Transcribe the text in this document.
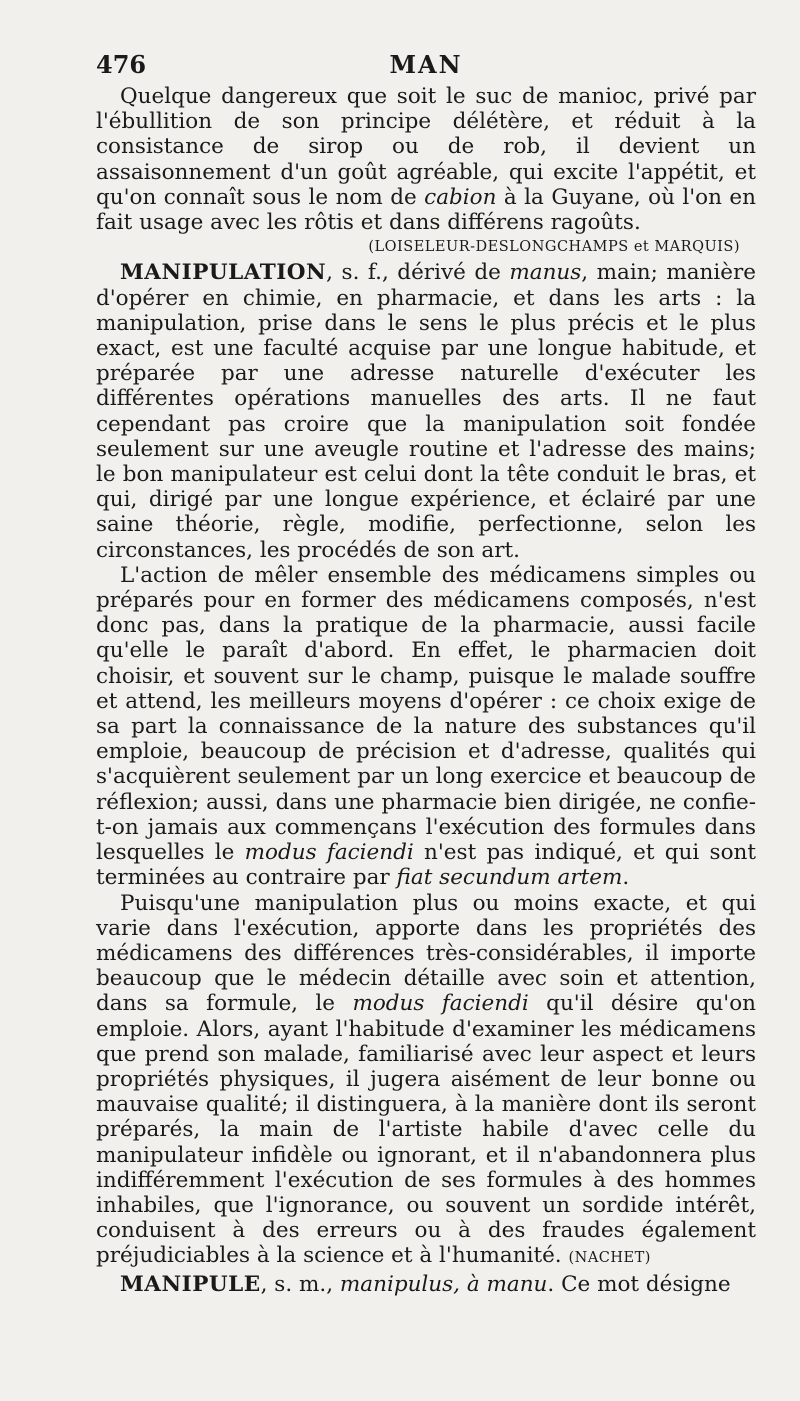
476	MAN

Quelque dangereux que soit le suc de manioc, privé par l'ébullition de son principe délétère, et réduit à la consistance de sirop ou de rob, il devient un assaisonnement d'un goût agréable, qui excite l'appétit, et qu'on connaît sous le nom de cabion à la Guyane, où l'on en fait usage avec les rôtis et dans différens ragoûts.

(LOISELEUR-DESLONGCHAMPS et MARQUIS)

MANIPULATION, s. f., dérivé de manus, main; manière d'opérer en chimie, en pharmacie, et dans les arts : la manipulation, prise dans le sens le plus précis et le plus exact, est une faculté acquise par une longue habitude, et préparée par une adresse naturelle d'exécuter les différentes opérations manuelles des arts. Il ne faut cependant pas croire que la manipulation soit fondée seulement sur une aveugle routine et l'adresse des mains; le bon manipulateur est celui dont la tête conduit le bras, et qui, dirigé par une longue expérience, et éclairé par une saine théorie, règle, modifie, perfectionne, selon les circonstances, les procédés de son art.

L'action de mêler ensemble des médicamens simples ou préparés pour en former des médicamens composés, n'est donc pas, dans la pratique de la pharmacie, aussi facile qu'elle le paraît d'abord. En effet, le pharmacien doit choisir, et souvent sur le champ, puisque le malade souffre et attend, les meilleurs moyens d'opérer : ce choix exige de sa part la connaissance de la nature des substances qu'il emploie, beaucoup de précision et d'adresse, qualités qui s'acquièrent seulement par un long exercice et beaucoup de réflexion; aussi, dans une pharmacie bien dirigée, ne confie-t-on jamais aux commençans l'exécution des formules dans lesquelles le modus faciendi n'est pas indiqué, et qui sont terminées au contraire par fiat secundum artem.

Puisqu'une manipulation plus ou moins exacte, et qui varie dans l'exécution, apporte dans les propriétés des médicamens des différences très-considérables, il importe beaucoup que le médecin détaille avec soin et attention, dans sa formule, le modus faciendi qu'il désire qu'on emploie. Alors, ayant l'habitude d'examiner les médicamens que prend son malade, familiarisé avec leur aspect et leurs propriétés physiques, il jugera aisément de leur bonne ou mauvaise qualité; il distinguera, à la manière dont ils seront préparés, la main de l'artiste habile d'avec celle du manipulateur infidèle ou ignorant, et il n'abandonnera plus indifféremment l'exécution de ses formules à des hommes inhabiles, que l'ignorance, ou souvent un sordide intérêt, conduisent à des erreurs ou à des fraudes également préjudiciables à la science et à l'humanité. (NACHET)

MANIPULE, s. m., manipulus, à manu. Ce mot désigne
